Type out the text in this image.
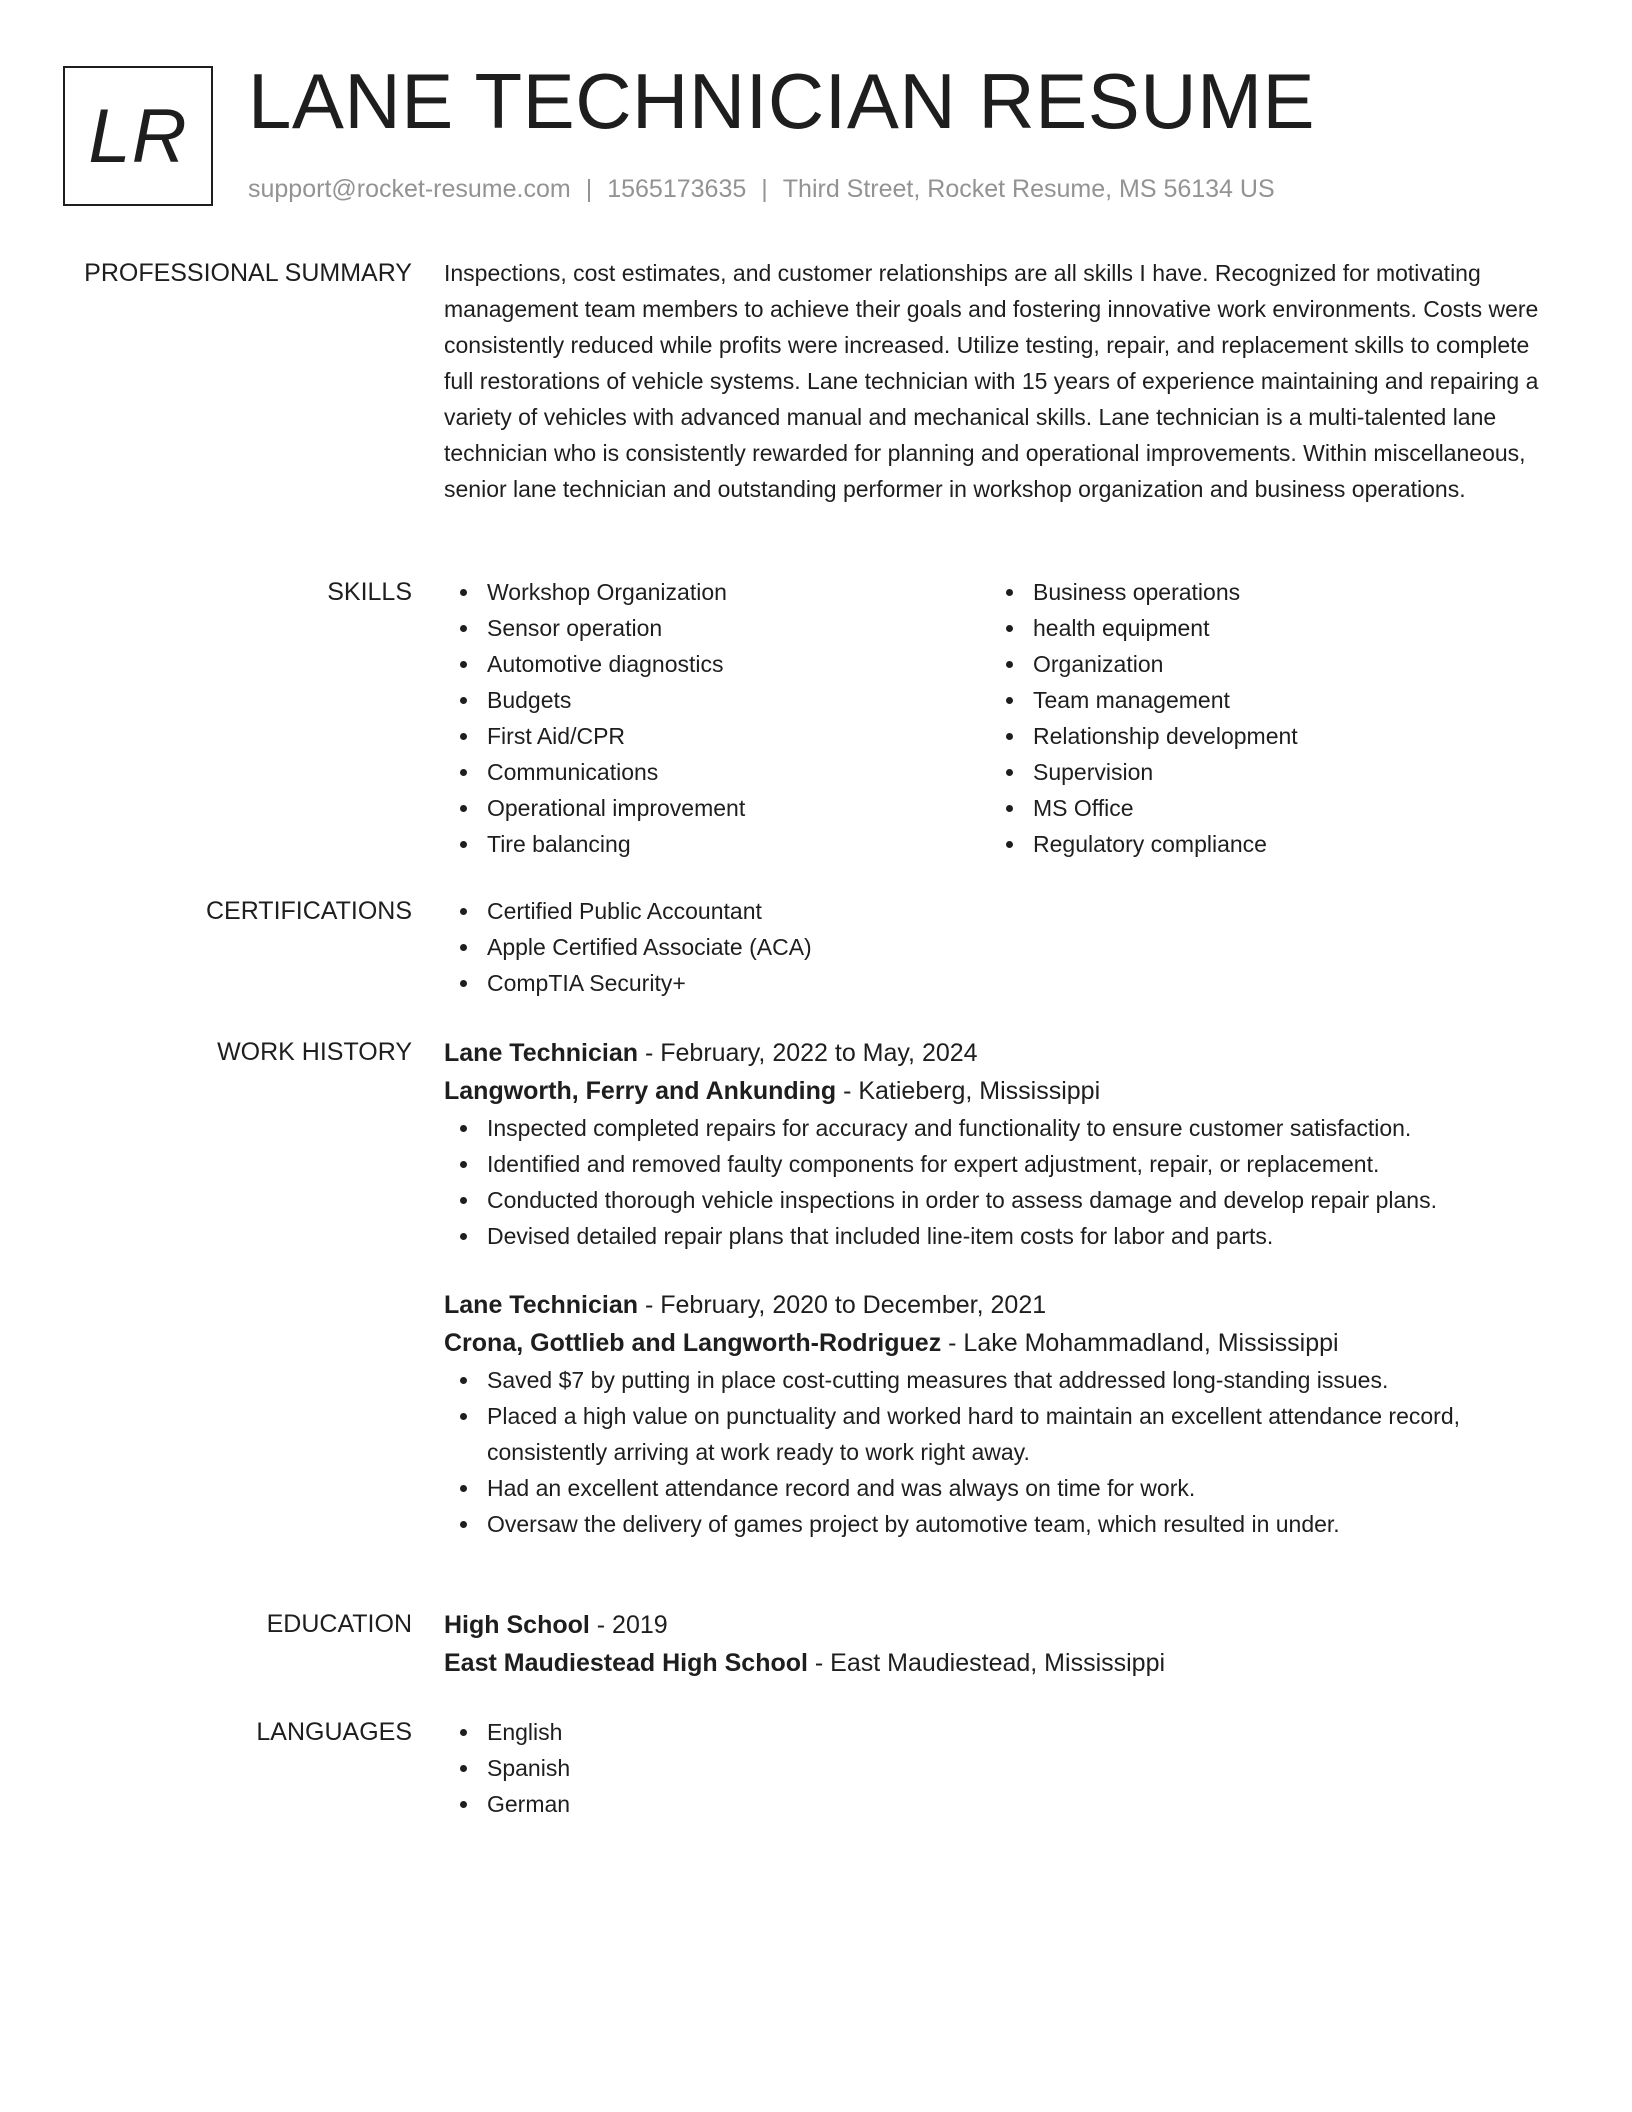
LR LANE TECHNICIAN RESUME
support@rocket-resume.com | 1565173635 | Third Street, Rocket Resume, MS 56134 US
PROFESSIONAL SUMMARY Inspections, cost estimates, and customer relationships are all skills I have. Recognized for motivating management team members to achieve their goals and fostering innovative work environments. Costs were consistently reduced while profits were increased. Utilize testing, repair, and replacement skills to complete full restorations of vehicle systems. Lane technician with 15 years of experience maintaining and repairing a variety of vehicles with advanced manual and mechanical skills. Lane technician is a multi-talented lane technician who is consistently rewarded for planning and operational improvements. Within miscellaneous, senior lane technician and outstanding performer in workshop organization and business operations.

SKILLS	Workshop Organization
Sensor operation
Automotive diagnostics
Budgets
First Aid/CPR
Communications
Operational improvement
Tire balancing
Business operations
health equipment
Organization
Team management
Relationship development
Supervision
MS Office
Regulatory compliance
CERTIFICATIONS	Certified Public Accountant
Apple Certified Associate (ACA)
CompTIA Security+
WORK HISTORY Lane Technician - February, 2022 to May, 2024
Langworth, Ferry and Ankunding - Katieberg, Mississippi
Inspected completed repairs for accuracy and functionality to ensure customer satisfaction.
Identified and removed faulty components for expert adjustment, repair, or replacement.
Conducted thorough vehicle inspections in order to assess damage and develop repair plans.
Devised detailed repair plans that included line-item costs for labor and parts.
Lane Technician - February, 2020 to December, 2021
Crona, Gottlieb and Langworth-Rodriguez - Lake Mohammadland, Mississippi
Saved $7 by putting in place cost-cutting measures that addressed long-standing issues.
Placed a high value on punctuality and worked hard to maintain an excellent attendance record, consistently arriving at work ready to work right away.
Had an excellent attendance record and was always on time for work.
Oversaw the delivery of games project by automotive team, which resulted in under.
EDUCATION High School - 2019
East Maudiestead High School - East Maudiestead, Mississippi
LANGUAGES	English
Spanish
German
